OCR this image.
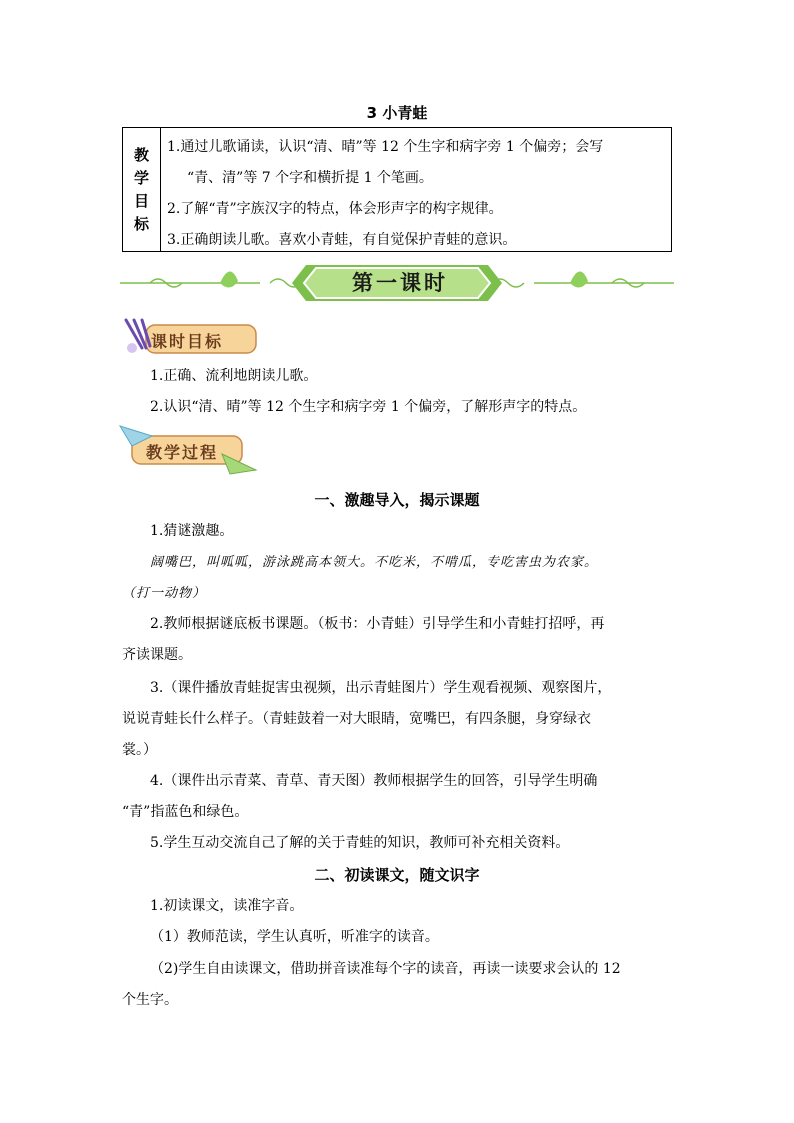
3 小青蛙
教学目标
1.通过儿歌诵读，认识“清、晴”等 12 个生字和病字旁 1 个偏旁；会写
“青、清”等 7 个字和横折提 1 个笔画。
2.了解“青”字族汉字的特点，体会形声字的构字规律。
3.正确朗读儿歌。喜欢小青蛙，有自觉保护青蛙的意识。
第一课时
课时目标
1.正确、流利地朗读儿歌。
2.认识“清、晴”等 12 个生字和病字旁 1 个偏旁，了解形声字的特点。
教学过程
一、激趣导入，揭示课题
1.猜谜激趣。
阔嘴巴，叫呱呱，游泳跳高本领大。不吃米，不啃瓜，专吃害虫为农家。
（打一动物）
2.教师根据谜底板书课题。（板书：小青蛙）引导学生和小青蛙打招呼，再
齐读课题。
3.（课件播放青蛙捉害虫视频，出示青蛙图片）学生观看视频、观察图片，
说说青蛙长什么样子。（青蛙鼓着一对大眼睛，宽嘴巴，有四条腿，身穿绿衣
裳。）
4.（课件出示青菜、青草、青天图）教师根据学生的回答，引导学生明确
“青”指蓝色和绿色。
5.学生互动交流自己了解的关于青蛙的知识，教师可补充相关资料。
二、初读课文，随文识字
1.初读课文，读准字音。
（1）教师范读，学生认真听，听准字的读音。
（2)学生自由读课文，借助拼音读准每个字的读音，再读一读要求会认的 12
个生字。
